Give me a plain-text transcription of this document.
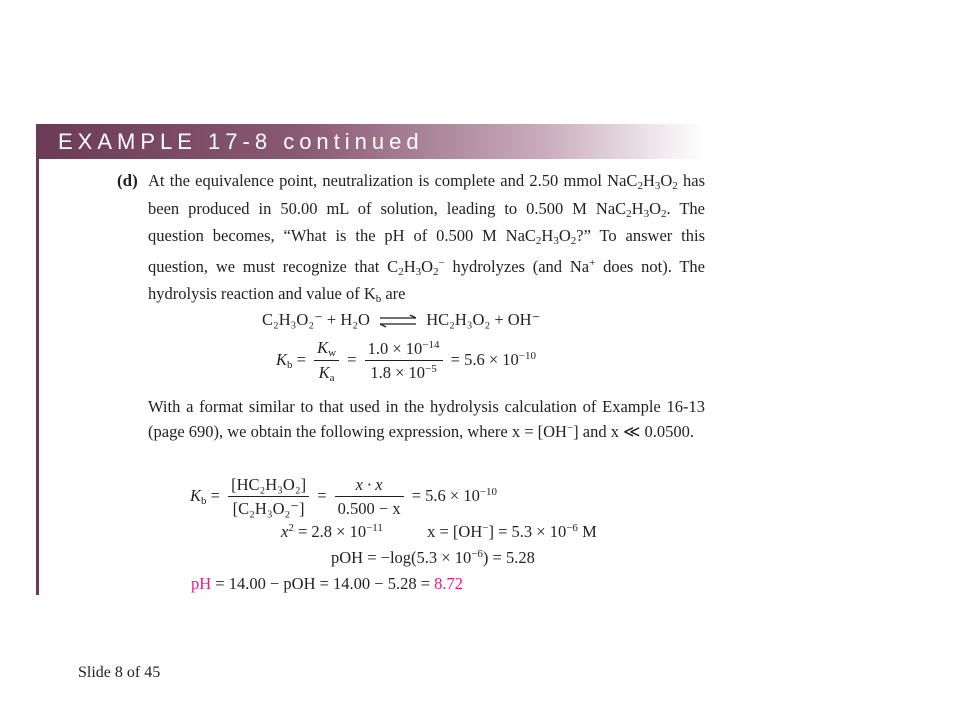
EXAMPLE 17-8 continued
(d) At the equivalence point, neutralization is complete and 2.50 mmol $NaC_2H_3O_2$ has been produced in 50.00 mL of solution, leading to 0.500 M $NaC_2H_3O_2$. The question becomes, “What is the pH of 0.500 M $NaC_2H_3O_2$?” To answer this question, we must recognize that $C_2H_3O_2^-$ hydrolyzes (and Na+ does not). The hydrolysis reaction and value of $K_b$ are
C₂H₃O₂⁻ + H₂O ⇌ HC₂H₃O₂ + OH⁻
$K_b = \frac{K_w}{K_a} = \frac{1.0 \times 10^{-14}}{1.8 \times 10^{-5}} = 5.6 \times 10^{-10}$
With a format similar to that used in the hydrolysis calculation of Example 16-13 (page 690), we obtain the following expression, where x = [OH−] and x ≪ 0.0500.
$K_b = \frac{\text{[HC₂H₃O₂]}}{\text{[C₂H₃O₂⁻]}} = \frac{x \cdot x}{0.500 - x} = 5.6 \times 10^{-10}$
$x^2 = 2.8 \times 10^{-11}$	$x = [OH^-] = 5.3 \times 10^{-6}$ M
pOH = $-\log(5.3 \times 10^{-6}) = 5.28$
pH = 14.00 − pOH = 14.00 − 5.28 = 8.72
Slide 8 of 45
